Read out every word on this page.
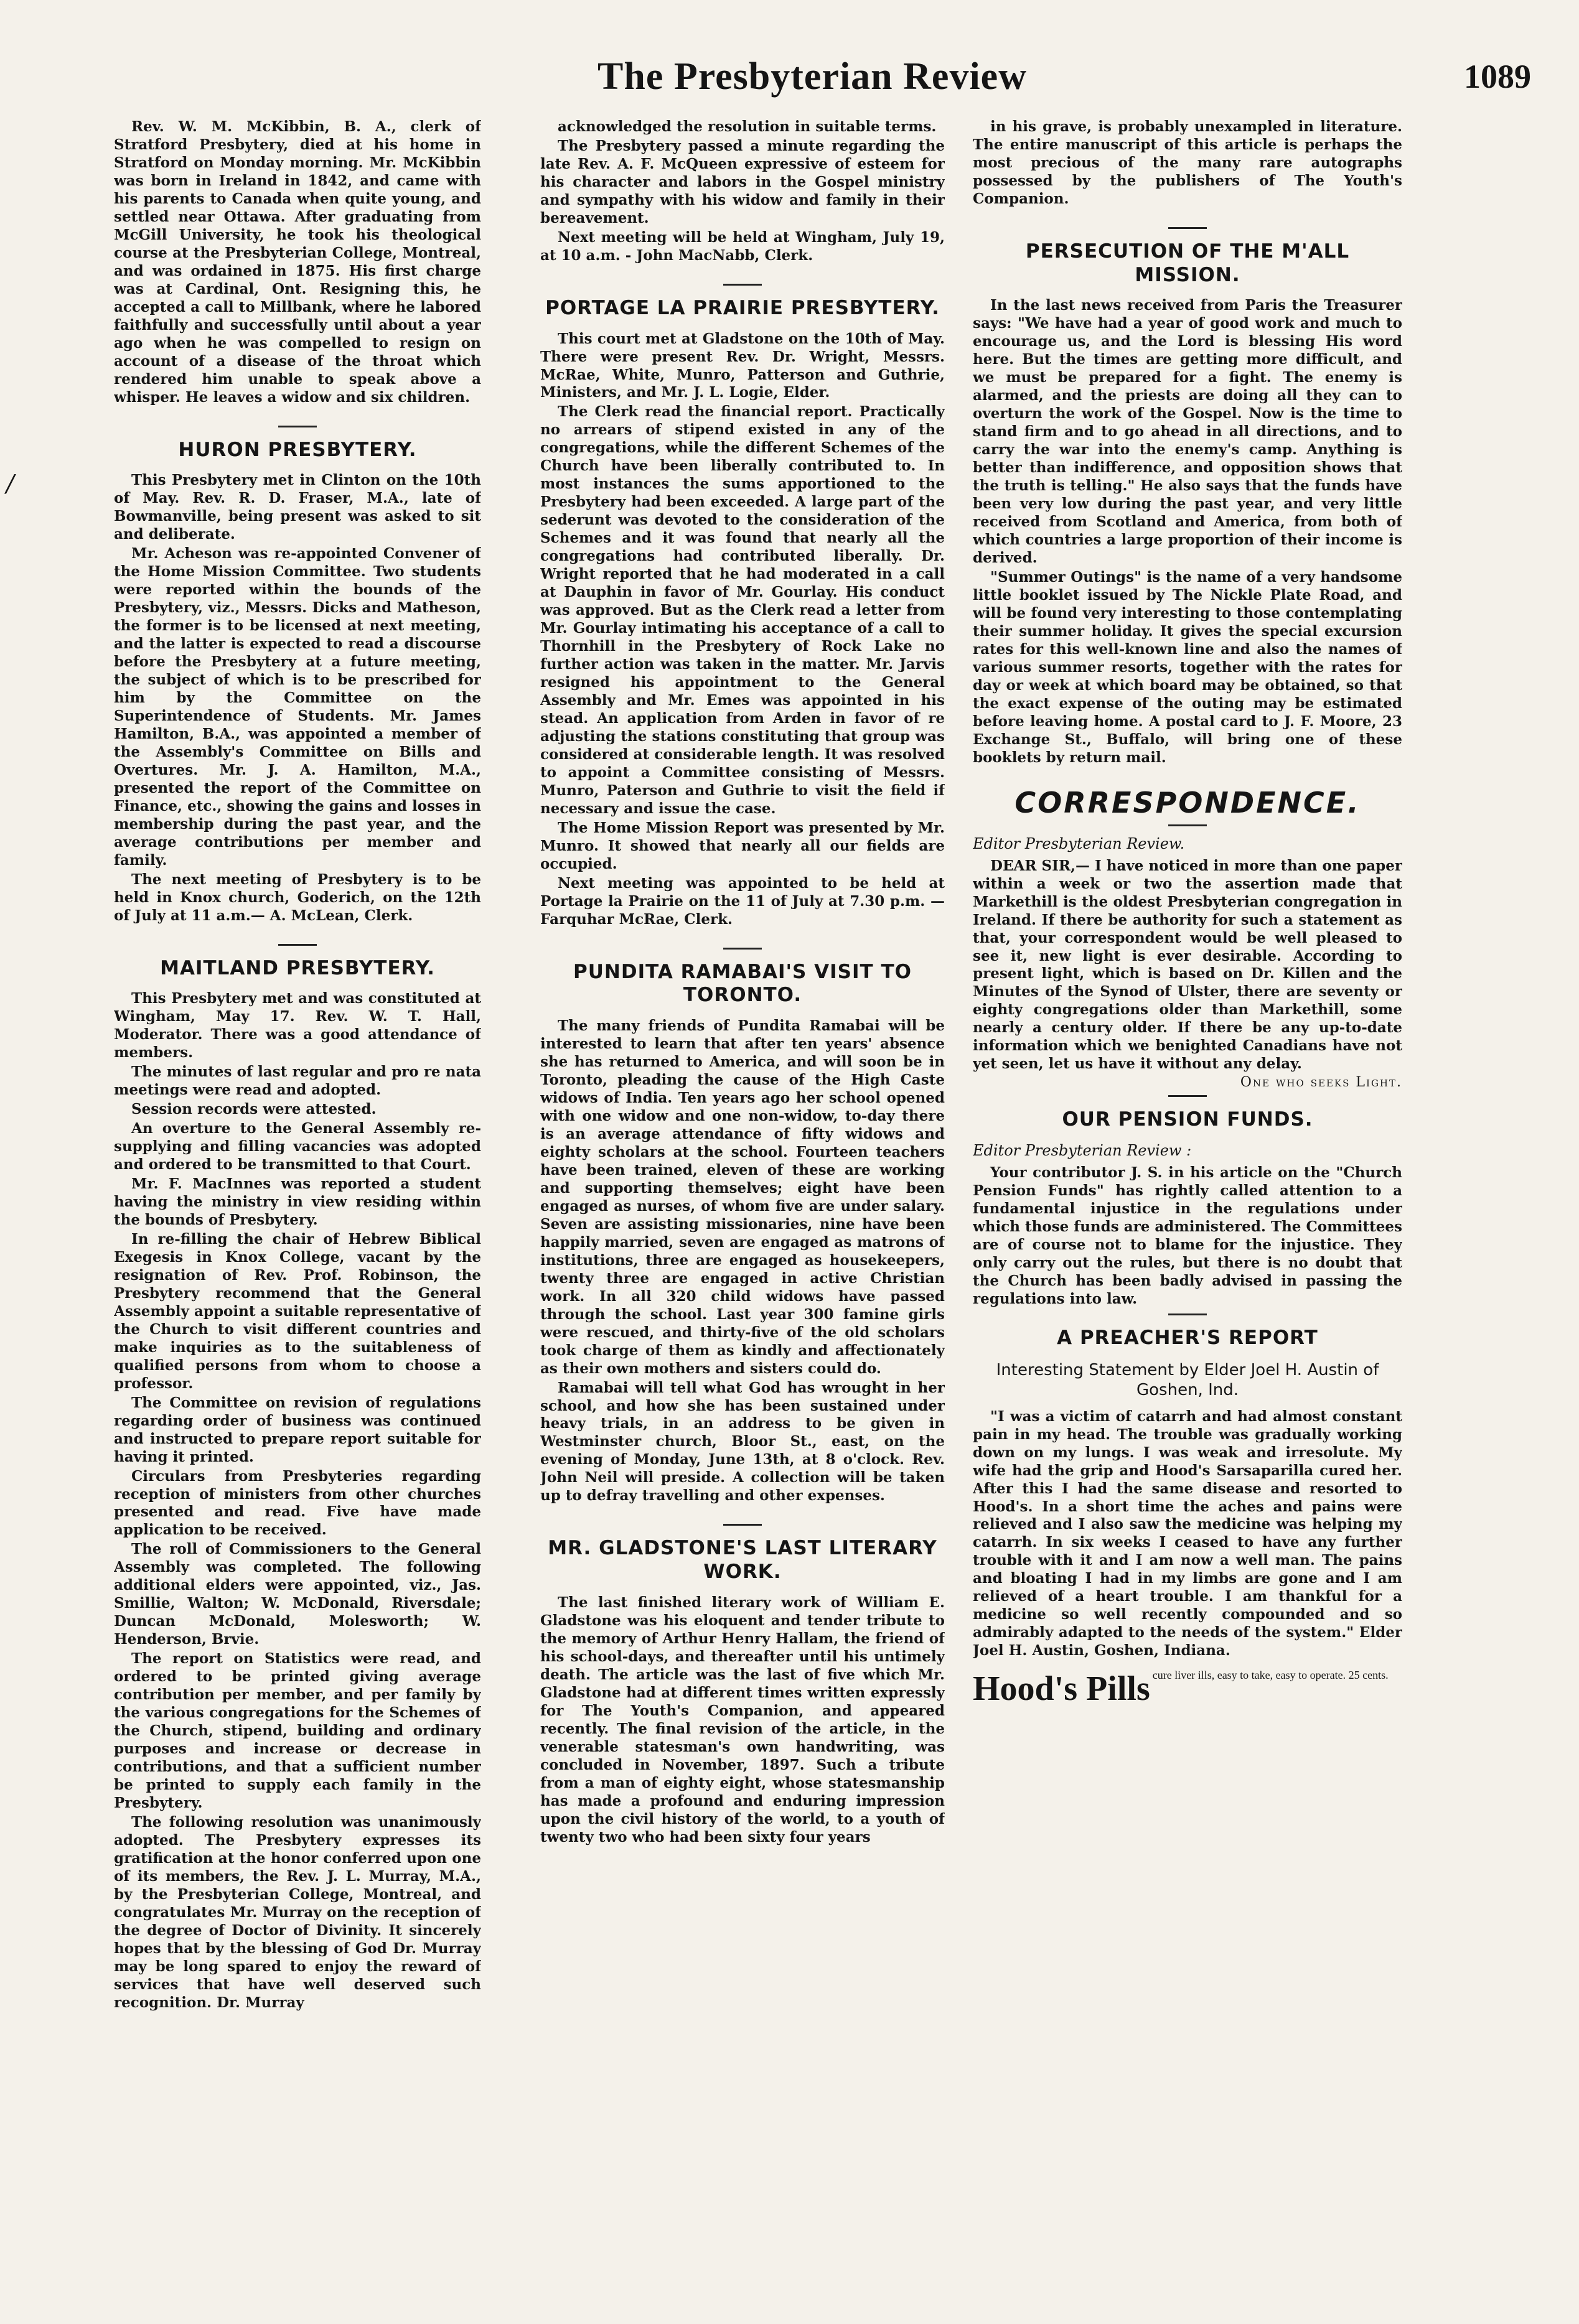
The Presbyterian Review	1089
/
Rev. W. M. McKibbin, B. A., clerk of Stratford Presbytery, died at his home in Stratford on Monday morning. Mr. McKibbin was born in Ireland in 1842, and came with his parents to Canada when quite young, and settled near Ottawa. After graduating from McGill University, he took his theological course at the Presbyterian College, Montreal, and was ordained in 1875. His first charge was at Cardinal, Ont. Resigning this, he accepted a call to Millbank, where he labored faithfully and successfully until about a year ago when he was compelled to resign on account of a disease of the throat which rendered him unable to speak above a whisper. He leaves a widow and six children.
HURON PRESBYTERY.
This Presbytery met in Clinton on the 10th of May. Rev. R. D. Fraser, M.A., late of Bowmanville, being present was asked to sit and deliberate.
Mr. Acheson was re-appointed Convener of the Home Mission Committee. Two students were reported within the bounds of the Presbytery, viz., Messrs. Dicks and Matheson, the former is to be licensed at next meeting, and the latter is expected to read a discourse before the Presbytery at a future meeting, the subject of which is to be prescribed for him by the Committee on the Superintendence of Students. Mr. James Hamilton, B.A., was appointed a member of the Assembly's Committee on Bills and Overtures. Mr. J. A. Hamilton, M.A., presented the report of the Committee on Finance, etc., showing the gains and losses in membership during the past year, and the average contributions per member and family.
The next meeting of Presbytery is to be held in Knox church, Goderich, on the 12th of July at 11 a.m.— A. McLean, Clerk.
MAITLAND PRESBYTERY.
This Presbytery met and was constituted at Wingham, May 17. Rev. W. T. Hall, Moderator. There was a good attendance of members.
The minutes of last regular and pro re nata meetings were read and adopted.
Session records were attested.
An overture to the General Assembly re-supplying and filling vacancies was adopted and ordered to be transmitted to that Court.
Mr. F. MacInnes was reported a student having the ministry in view residing within the bounds of Presbytery.
In re-filling the chair of Hebrew Biblical Exegesis in Knox College, vacant by the resignation of Rev. Prof. Robinson, the Presbytery recommend that the General Assembly appoint a suitable representative of the Church to visit different countries and make inquiries as to the suitableness of qualified persons from whom to choose a professor.
The Committee on revision of regulations regarding order of business was continued and instructed to prepare report suitable for having it printed.
Circulars from Presbyteries regarding reception of ministers from other churches presented and read. Five have made application to be received.
The roll of Commissioners to the General Assembly was completed. The following additional elders were appointed, viz., Jas. Smillie, Walton; W. McDonald, Riversdale; Duncan McDonald, Molesworth; W. Henderson, Brvie.
The report on Statistics were read, and ordered to be printed giving average contribution per member, and per family by the various congregations for the Schemes of the Church, stipend, building and ordinary purposes and increase or decrease in contributions, and that a sufficient number be printed to supply each family in the Presbytery.
The following resolution was unanimously adopted. The Presbytery expresses its gratification at the honor conferred upon one of its members, the Rev. J. L. Murray, M.A., by the Presbyterian College, Montreal, and congratulates Mr. Murray on the reception of the degree of Doctor of Divinity. It sincerely hopes that by the blessing of God Dr. Murray may be long spared to enjoy the reward of services that have well deserved such recognition. Dr. Murray
acknowledged the resolution in suitable terms.
The Presbytery passed a minute regarding the late Rev. A. F. McQueen expressive of esteem for his character and labors in the Gospel ministry and sympathy with his widow and family in their bereavement.
Next meeting will be held at Wingham, July 19, at 10 a.m. - John MacNabb, Clerk.
PORTAGE LA PRAIRIE PRESBYTERY.
This court met at Gladstone on the 10th of May. There were present Rev. Dr. Wright, Messrs. McRae, White, Munro, Patterson and Guthrie, Ministers, and Mr. J. L. Logie, Elder.
The Clerk read the financial report. Practically no arrears of stipend existed in any of the congregations, while the different Schemes of the Church have been liberally contributed to. In most instances the sums apportioned to the Presbytery had been exceeded. A large part of the sederunt was devoted to the consideration of the Schemes and it was found that nearly all the congregations had contributed liberally. Dr. Wright reported that he had moderated in a call at Dauphin in favor of Mr. Gourlay. His conduct was approved. But as the Clerk read a letter from Mr. Gourlay intimating his acceptance of a call to Thornhill in the Presbytery of Rock Lake no further action was taken in the matter. Mr. Jarvis resigned his appointment to the General Assembly and Mr. Emes was appointed in his stead. An application from Arden in favor of re adjusting the stations constituting that group was considered at considerable length. It was resolved to appoint a Committee consisting of Messrs. Munro, Paterson and Guthrie to visit the field if necessary and issue the case.
The Home Mission Report was presented by Mr. Munro. It showed that nearly all our fields are occupied.
Next meeting was appointed to be held at Portage la Prairie on the 11 of July at 7.30 p.m. — Farquhar McRae, Clerk.
PUNDITA RAMABAI'S VISIT TO TORONTO.
The many friends of Pundita Ramabai will be interested to learn that after ten years' absence she has returned to America, and will soon be in Toronto, pleading the cause of the High Caste widows of India. Ten years ago her school opened with one widow and one non-widow, to-day there is an average attendance of fifty widows and eighty scholars at the school. Fourteen teachers have been trained, eleven of these are working and supporting themselves; eight have been engaged as nurses, of whom five are under salary. Seven are assisting missionaries, nine have been happily married, seven are engaged as matrons of institutions, three are engaged as housekeepers, twenty three are engaged in active Christian work. In all 320 child widows have passed through the school. Last year 300 famine girls were rescued, and thirty-five of the old scholars took charge of them as kindly and affectionately as their own mothers and sisters could do.
Ramabai will tell what God has wrought in her school, and how she has been sustained under heavy trials, in an address to be given in Westminster church, Bloor St., east, on the evening of Monday, June 13th, at 8 o'clock. Rev. John Neil will preside. A collection will be taken up to defray travelling and other expenses.
MR. GLADSTONE'S LAST LITERARY WORK.
The last finished literary work of William E. Gladstone was his eloquent and tender tribute to the memory of Arthur Henry Hallam, the friend of his school-days, and thereafter until his untimely death. The article was the last of five which Mr. Gladstone had at different times written expressly for The Youth's Companion, and appeared recently. The final revision of the article, in the venerable statesman's own handwriting, was concluded in November, 1897. Such a tribute from a man of eighty eight, whose statesmanship has made a profound and enduring impression upon the civil history of the world, to a youth of twenty two who had been sixty four years
in his grave, is probably unexampled in literature. The entire manuscript of this article is perhaps the most precious of the many rare autographs possessed by the publishers of The Youth's Companion.
PERSECUTION OF THE M'ALL MISSION.
In the last news received from Paris the Treasurer says: "We have had a year of good work and much to encourage us, and the Lord is blessing His word here. But the times are getting more difficult, and we must be prepared for a fight. The enemy is alarmed, and the priests are doing all they can to overturn the work of the Gospel. Now is the time to stand firm and to go ahead in all directions, and to carry the war into the enemy's camp. Anything is better than indifference, and opposition shows that the truth is telling." He also says that the funds have been very low during the past year, and very little received from Scotland and America, from both of which countries a large proportion of their income is derived.
"Summer Outings" is the name of a very handsome little booklet issued by The Nickle Plate Road, and will be found very interesting to those contemplating their summer holiday. It gives the special excursion rates for this well-known line and also the names of various summer resorts, together with the rates for day or week at which board may be obtained, so that the exact expense of the outing may be estimated before leaving home. A postal card to J. F. Moore, 23 Exchange St., Buffalo, will bring one of these booklets by return mail.
CORRESPONDENCE.
Editor Presbyterian Review.
DEAR SIR,— I have noticed in more than one paper within a week or two the assertion made that Markethill is the oldest Presbyterian congregation in Ireland. If there be authority for such a statement as that, your correspondent would be well pleased to see it, new light is ever desirable. According to present light, which is based on Dr. Killen and the Minutes of the Synod of Ulster, there are seventy or eighty congregations older than Markethill, some nearly a century older. If there be any up-to-date information which we benighted Canadians have not yet seen, let us have it without any delay.
One who seeks Light.
OUR PENSION FUNDS.
Editor Presbyterian Review :
Your contributor J. S. in his article on the "Church Pension Funds" has rightly called attention to a fundamental injustice in the regulations under which those funds are administered. The Committees are of course not to blame for the injustice. They only carry out the rules, but there is no doubt that the Church has been badly advised in passing the regulations into law.
A PREACHER'S REPORT
Interesting Statement by Elder Joel H. Austin of Goshen, Ind.
"I was a victim of catarrh and had almost constant pain in my head. The trouble was gradually working down on my lungs. I was weak and irresolute. My wife had the grip and Hood's Sarsaparilla cured her. After this I had the same disease and resorted to Hood's. In a short time the aches and pains were relieved and I also saw the medicine was helping my catarrh. In six weeks I ceased to have any further trouble with it and I am now a well man. The pains and bloating I had in my limbs are gone and I am relieved of a heart trouble. I am thankful for a medicine so well recently compounded and so admirably adapted to the needs of the system." Elder Joel H. Austin, Goshen, Indiana.
Hood's Pills cure liver ills, easy to take, easy to operate. 25 cents.
